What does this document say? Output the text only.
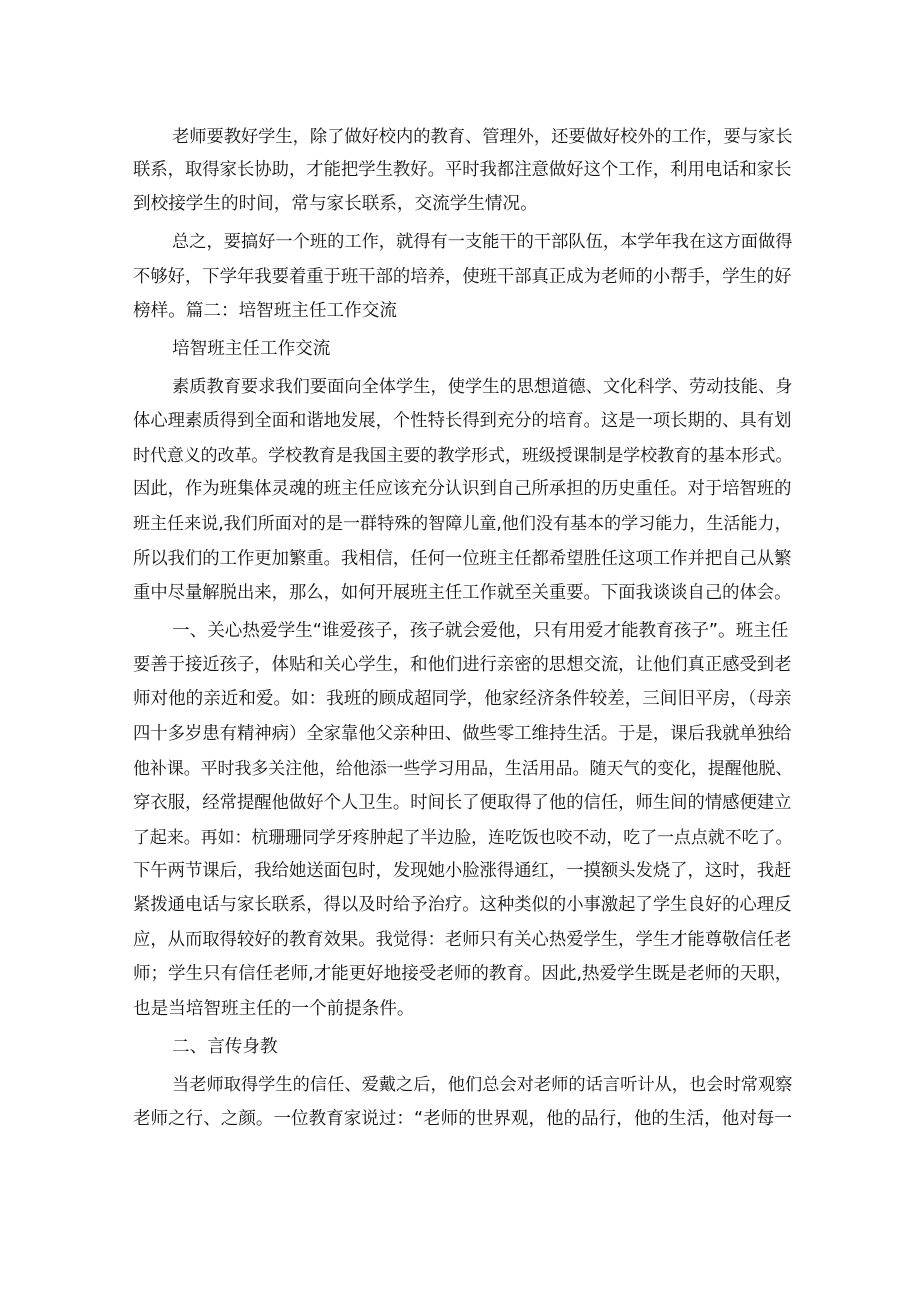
老师要教好学生，除了做好校内的教育、管理外，还要做好校外的工作，要与家长
联系，取得家长协助，才能把学生教好。平时我都注意做好这个工作，利用电话和家长
到校接学生的时间，常与家长联系，交流学生情况。
总之，要搞好一个班的工作，就得有一支能干的干部队伍，本学年我在这方面做得
不够好，下学年我要着重于班干部的培养，使班干部真正成为老师的小帮手，学生的好
榜样。篇二：培智班主任工作交流
培智班主任工作交流
素质教育要求我们要面向全体学生，使学生的思想道德、文化科学、劳动技能、身
体心理素质得到全面和谐地发展，个性特长得到充分的培育。这是一项长期的、具有划
时代意义的改革。学校教育是我国主要的教学形式，班级授课制是学校教育的基本形式。
因此，作为班集体灵魂的班主任应该充分认识到自己所承担的历史重任。对于培智班的
班主任来说,我们所面对的是一群特殊的智障儿童,他们没有基本的学习能力，生活能力，
所以我们的工作更加繁重。我相信，任何一位班主任都希望胜任这项工作并把自己从繁
重中尽量解脱出来，那么，如何开展班主任工作就至关重要。下面我谈谈自己的体会。
一、关心热爱学生“谁爱孩子，孩子就会爱他，只有用爱才能教育孩子”。班主任
要善于接近孩子，体贴和关心学生，和他们进行亲密的思想交流，让他们真正感受到老
师对他的亲近和爱。如：我班的顾成超同学，他家经济条件较差，三间旧平房，（母亲
四十多岁患有精神病）全家靠他父亲种田、做些零工维持生活。于是，课后我就单独给
他补课。平时我多关注他，给他添一些学习用品，生活用品。随天气的变化，提醒他脱、
穿衣服，经常提醒他做好个人卫生。时间长了便取得了他的信任，师生间的情感便建立
了起来。再如：杭珊珊同学牙疼肿起了半边脸，连吃饭也咬不动，吃了一点点就不吃了。
下午两节课后，我给她送面包时，发现她小脸涨得通红，一摸额头发烧了，这时，我赶
紧拨通电话与家长联系，得以及时给予治疗。这种类似的小事激起了学生良好的心理反
应，从而取得较好的教育效果。我觉得：老师只有关心热爱学生，学生才能尊敬信任老
师；学生只有信任老师,才能更好地接受老师的教育。因此,热爱学生既是老师的天职，
也是当培智班主任的一个前提条件。
二、言传身教
当老师取得学生的信任、爱戴之后，他们总会对老师的话言听计从，也会时常观察
老师之行、之颜。一位教育家说过：“老师的世界观，他的品行，他的生活，他对每一
